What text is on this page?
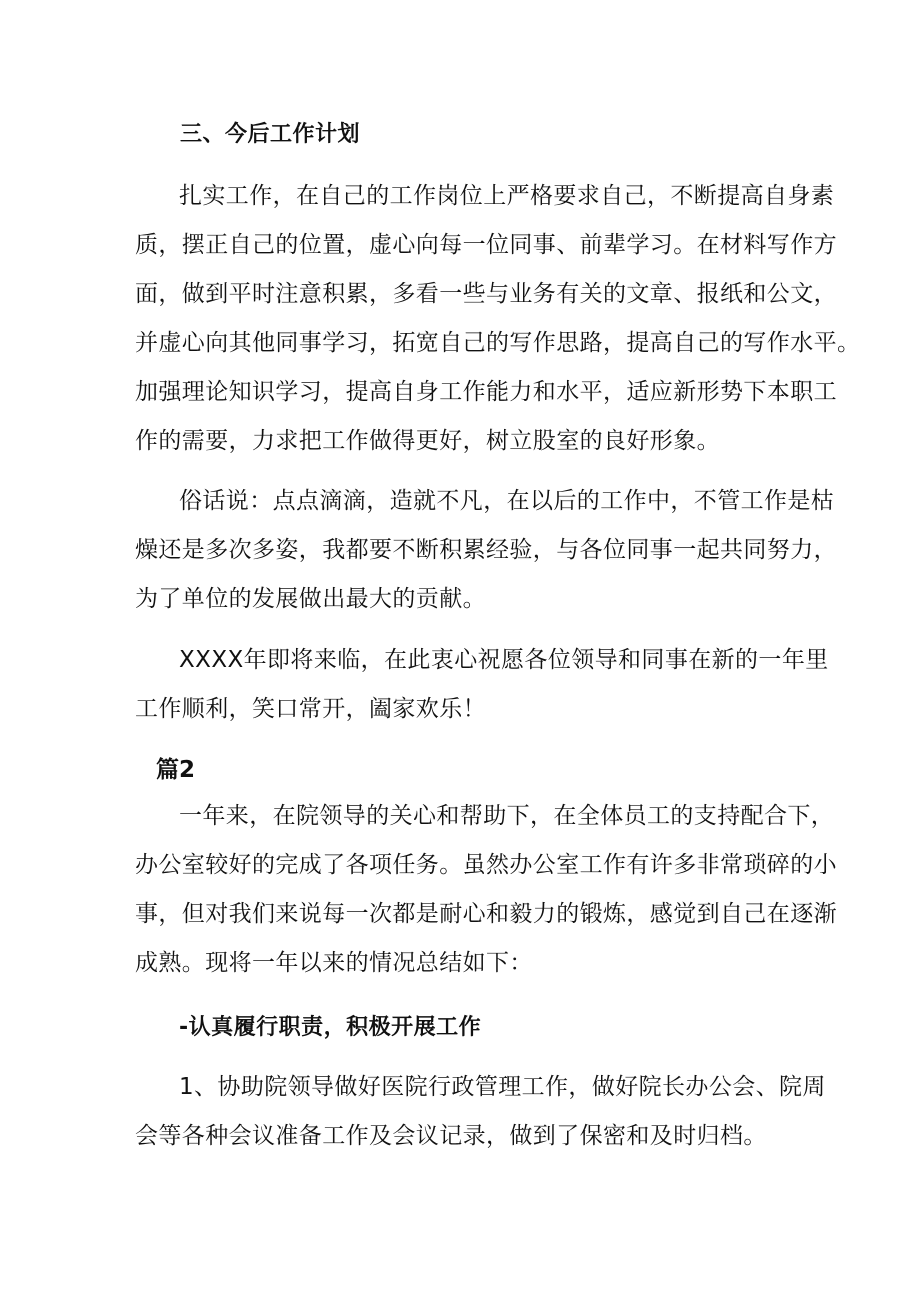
三、今后工作计划
扎实工作，在自己的工作岗位上严格要求自己，不断提高自身素
质，摆正自己的位置，虚心向每一位同事、前辈学习。在材料写作方
面，做到平时注意积累，多看一些与业务有关的文章、报纸和公文，
并虚心向其他同事学习，拓宽自己的写作思路，提高自己的写作水平。
加强理论知识学习，提高自身工作能力和水平，适应新形势下本职工
作的需要，力求把工作做得更好，树立股室的良好形象。
俗话说：点点滴滴，造就不凡，在以后的工作中，不管工作是枯
燥还是多次多姿，我都要不断积累经验，与各位同事一起共同努力，
为了单位的发展做出最大的贡献。
XXXX年即将来临，在此衷心祝愿各位领导和同事在新的一年里
工作顺利，笑口常开，阖家欢乐！
篇2
一年来，在院领导的关心和帮助下，在全体员工的支持配合下，
办公室较好的完成了各项任务。虽然办公室工作有许多非常琐碎的小
事，但对我们来说每一次都是耐心和毅力的锻炼，感觉到自己在逐渐
成熟。现将一年以来的情况总结如下：
-认真履行职责，积极开展工作
1、协助院领导做好医院行政管理工作，做好院长办公会、院周
会等各种会议准备工作及会议记录，做到了保密和及时归档。
